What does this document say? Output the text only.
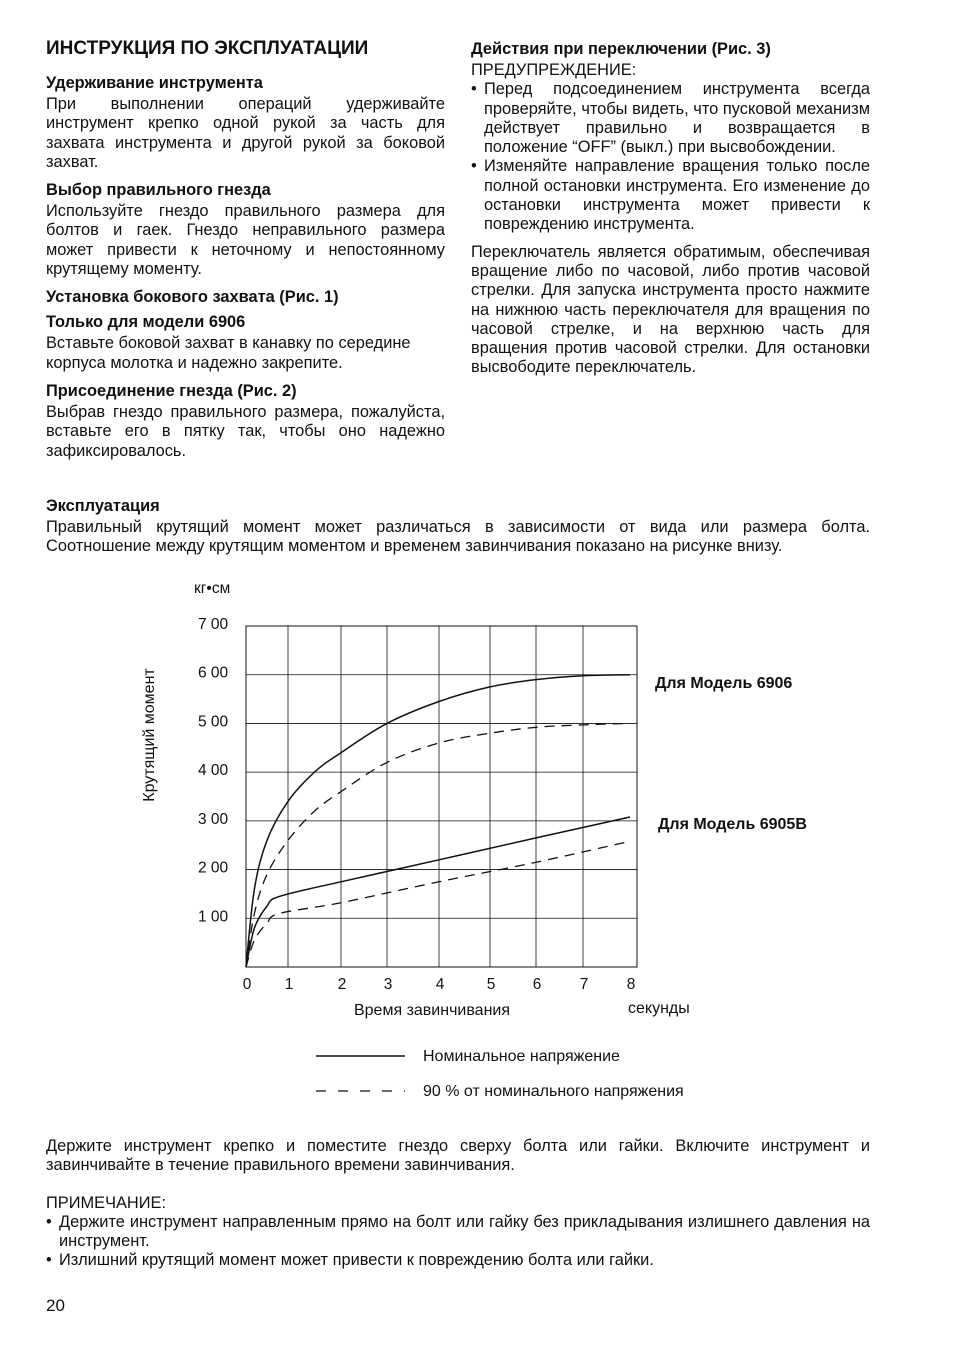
ИНСТРУКЦИЯ ПО ЭКСПЛУАТАЦИИ
Удерживание инструмента

При выполнении операций удерживайте инструмент крепко одной рукой за часть для захвата инструмента и другой рукой за боковой захват.

Выбор правильного гнезда

Используйте гнездо правильного размера для болтов и гаек. Гнездо неправильного размера может привести к неточному и непостоянному крутящему моменту.

Установка бокового захвата (Рис. 1)
Только для модели 6906

Вставьте боковой захват в канавку по середине корпуса молотка и надежно закрепите.

Присоединение гнезда (Рис. 2)

Выбрав гнездо правильного размера, пожалуйста, вставьте его в пятку так, чтобы оно надежно зафиксировалось.

Действия при переключении (Рис. 3)
ПРЕДУПРЕЖДЕНИЕ:
• Перед подсоединением инструмента всегда проверяйте, чтобы видеть, что пусковой механизм действует правильно и возвращается в положение “OFF” (выкл.) при высвобождении.
• Изменяйте направление вращения только после полной остановки инструмента. Его изменение до остановки инструмента может привести к повреждению инструмента.

Переключатель является обратимым, обеспечивая вращение либо по часовой, либо против часовой стрелки. Для запуска инструмента просто нажмите на нижнюю часть переключателя для вращения по часовой стрелке, и на верхнюю часть для вращения против часовой стрелки. Для остановки высвободите переключатель.

Эксплуатация

Правильный крутящий момент может различаться в зависимости от вида или размера болта. Соотношение между крутящим моментом и временем завинчивания показано на рисунке внизу.

кг•см
Крутящий момент
Время завинчивания	секунды
Для Модель 6906
Для Модель 6905B
0 1	2 3	4	5 6 7 8
1 00
2 00
3 00
4 00
5 00
6 00
7 00
Номинальное напряжение
90 % от номинального напряжения

Держите инструмент крепко и поместите гнездо сверху болта или гайки. Включите инструмент и завинчивайте в течение правильного времени завинчивания.

ПРИМЕЧАНИЕ:
• Держите инструмент направленным прямо на болт или гайку без прикладывания излишнего давления на инструмент.
• Излишний крутящий момент может привести к повреждению болта или гайки.
20
